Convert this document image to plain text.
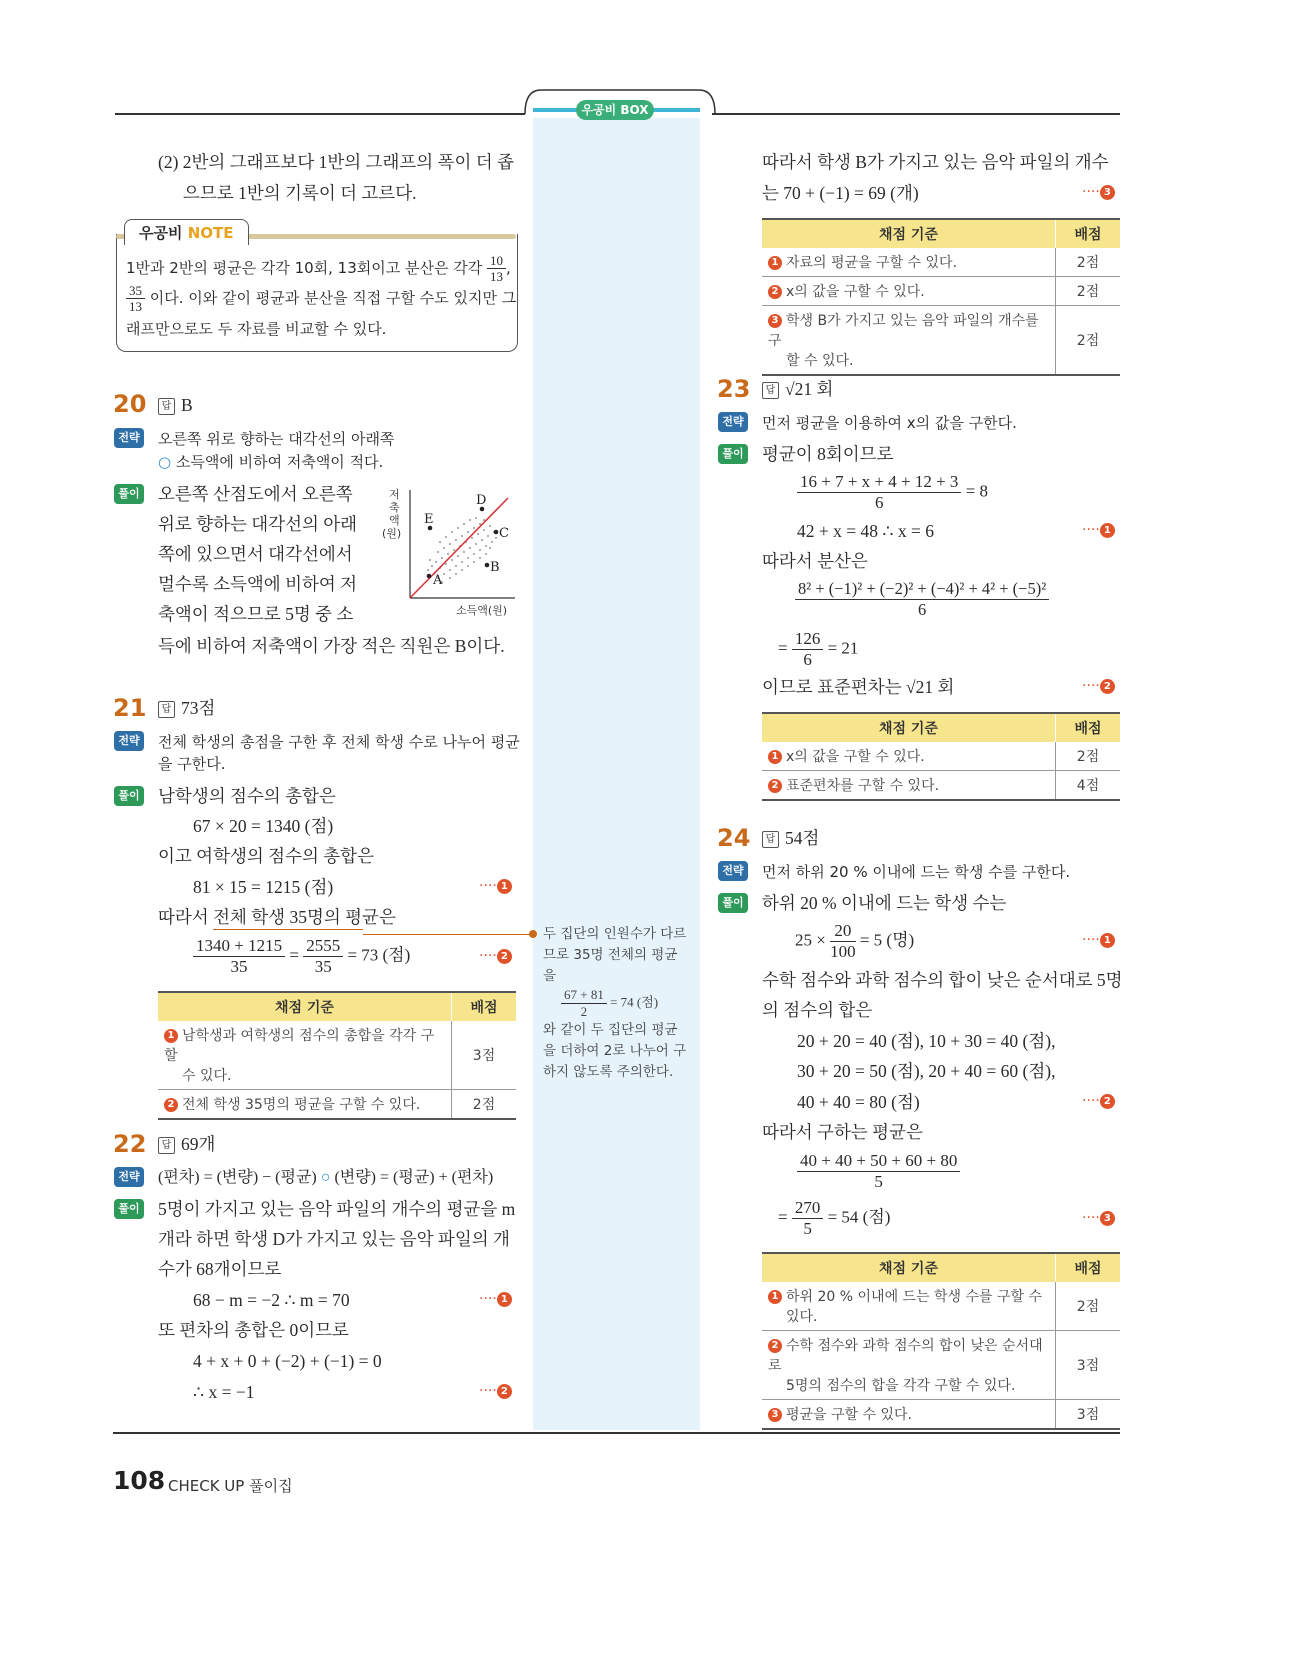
우공비 BOX
(2) 2반의 그래프보다 1반의 그래프의 폭이 더 좁
으므로 1반의 기록이 더 고르다.
우공비 NOTE
1반과 2반의 평균은 각각 10회, 13회이고 분산은 각각 $\frac{10}{13}$ ,
$\frac{35}{13}$ 이다. 이와 같이 평균과 분산을 직접 구할 수도 있지만 그
래프만으로도 두 자료를 비교할 수 있다.
20	답 B
전략 오른쪽 위로 향하는 대각선의 아래쪽
○ 소득액에 비하여 저축액이 적다.
풀이 오른쪽 산점도에서 오른쪽
위로 향하는 대각선의 아래
쪽에 있으면서 대각선에서
멀수록 소득액에 비하여 저
축액이 적으므로 5명 중 소
득에 비하여 저축액이 가장 적은 직원은 B이다.
D
E
C
B
A
저
축
액
(원)
소득액(원)
21	답 73점
전략 전체 학생의 총점을 구한 후 전체 학생 수로 나누어 평균
을 구한다.
풀이 남학생의 점수의 총합은
67 × 20 = 1340 (점)
이고 여학생의 점수의 총합은
81 × 15 = 1215 (점)	···· 1
따라서 전체 학생 35명의 평균은
$\frac{1340 + 1215}{35} = \frac{2555}{35} = 73$ (점)	···· 2
채점 기준	배점
1 남학생과 여학생의 점수의 총합을 각각 구할
수 있다.	3점
2 전체 학생 35명의 평균을 구할 수 있다.	2점
22	답 69개
전략 (편차) = (변량) − (평균) ○ (변량) = (평균) + (편차)
풀이 5명이 가지고 있는 음악 파일의 개수의 평균을 m
개라 하면 학생 D가 가지고 있는 음악 파일의 개
수가 68개이므로
68 − m = −2 ∴ m = 70	···· 1
또 편차의 총합은 0이므로
4 + x + 0 + (−2) + (−1) = 0
∴ x = −1	···· 2
두 집단의 인원수가 다르
므로 35명 전체의 평균
을
$\frac{67 + 81}{2} = 74$ (점)
와 같이 두 집단의 평균
을 더하여 2로 나누어 구
하지 않도록 주의한다.
따라서 학생 B가 가지고 있는 음악 파일의 개수
는 70 + (−1) = 69 (개)	···· 3
채점 기준	배점
1 자료의 평균을 구할 수 있다.	2점
2 x의 값을 구할 수 있다.	2점
3 학생 B가 가지고 있는 음악 파일의 개수를 구
할 수 있다.	2점
23	답 √21 회
전략 먼저 평균을 이용하여 x의 값을 구한다.
풀이 평균이 8회이므로
$\frac{16 + 7 + x + 4 + 12 + 3}{6} = 8$
42 + x = 48 ∴ x = 6	···· 1
따라서 분산은
$\frac{\text{8² + (−1)² + (−2)² + (−4)² + 4² + (−5)²}}{6}$
= $\frac{126}{6} = 21$
이므로 표준편차는 √21 회	···· 2
채점 기준	배점
1 x의 값을 구할 수 있다.	2점
2 표준편차를 구할 수 있다.	4점
24	답 54점
전략 먼저 하위 20 % 이내에 드는 학생 수를 구한다.
풀이 하위 20 % 이내에 드는 학생 수는
$25 \times \frac{20}{100} = 5$ (명)	···· 1
수학 점수와 과학 점수의 합이 낮은 순서대로 5명
의 점수의 합은
20 + 20 = 40 (점), 10 + 30 = 40 (점),
30 + 20 = 50 (점), 20 + 40 = 60 (점),
40 + 40 = 80 (점)	···· 2
따라서 구하는 평균은
$\frac{40 + 40 + 50 + 60 + 80}{5}$
= $\frac{270}{5} = 54$ (점)	···· 3
채점 기준	배점
1 하위 20 % 이내에 드는 학생 수를 구할 수
있다.	2점
2 수학 점수와 과학 점수의 합이 낮은 순서대로
5명의 점수의 합을 각각 구할 수 있다.	3점
3 평균을 구할 수 있다.	3점
108 CHECK UP 풀이집
